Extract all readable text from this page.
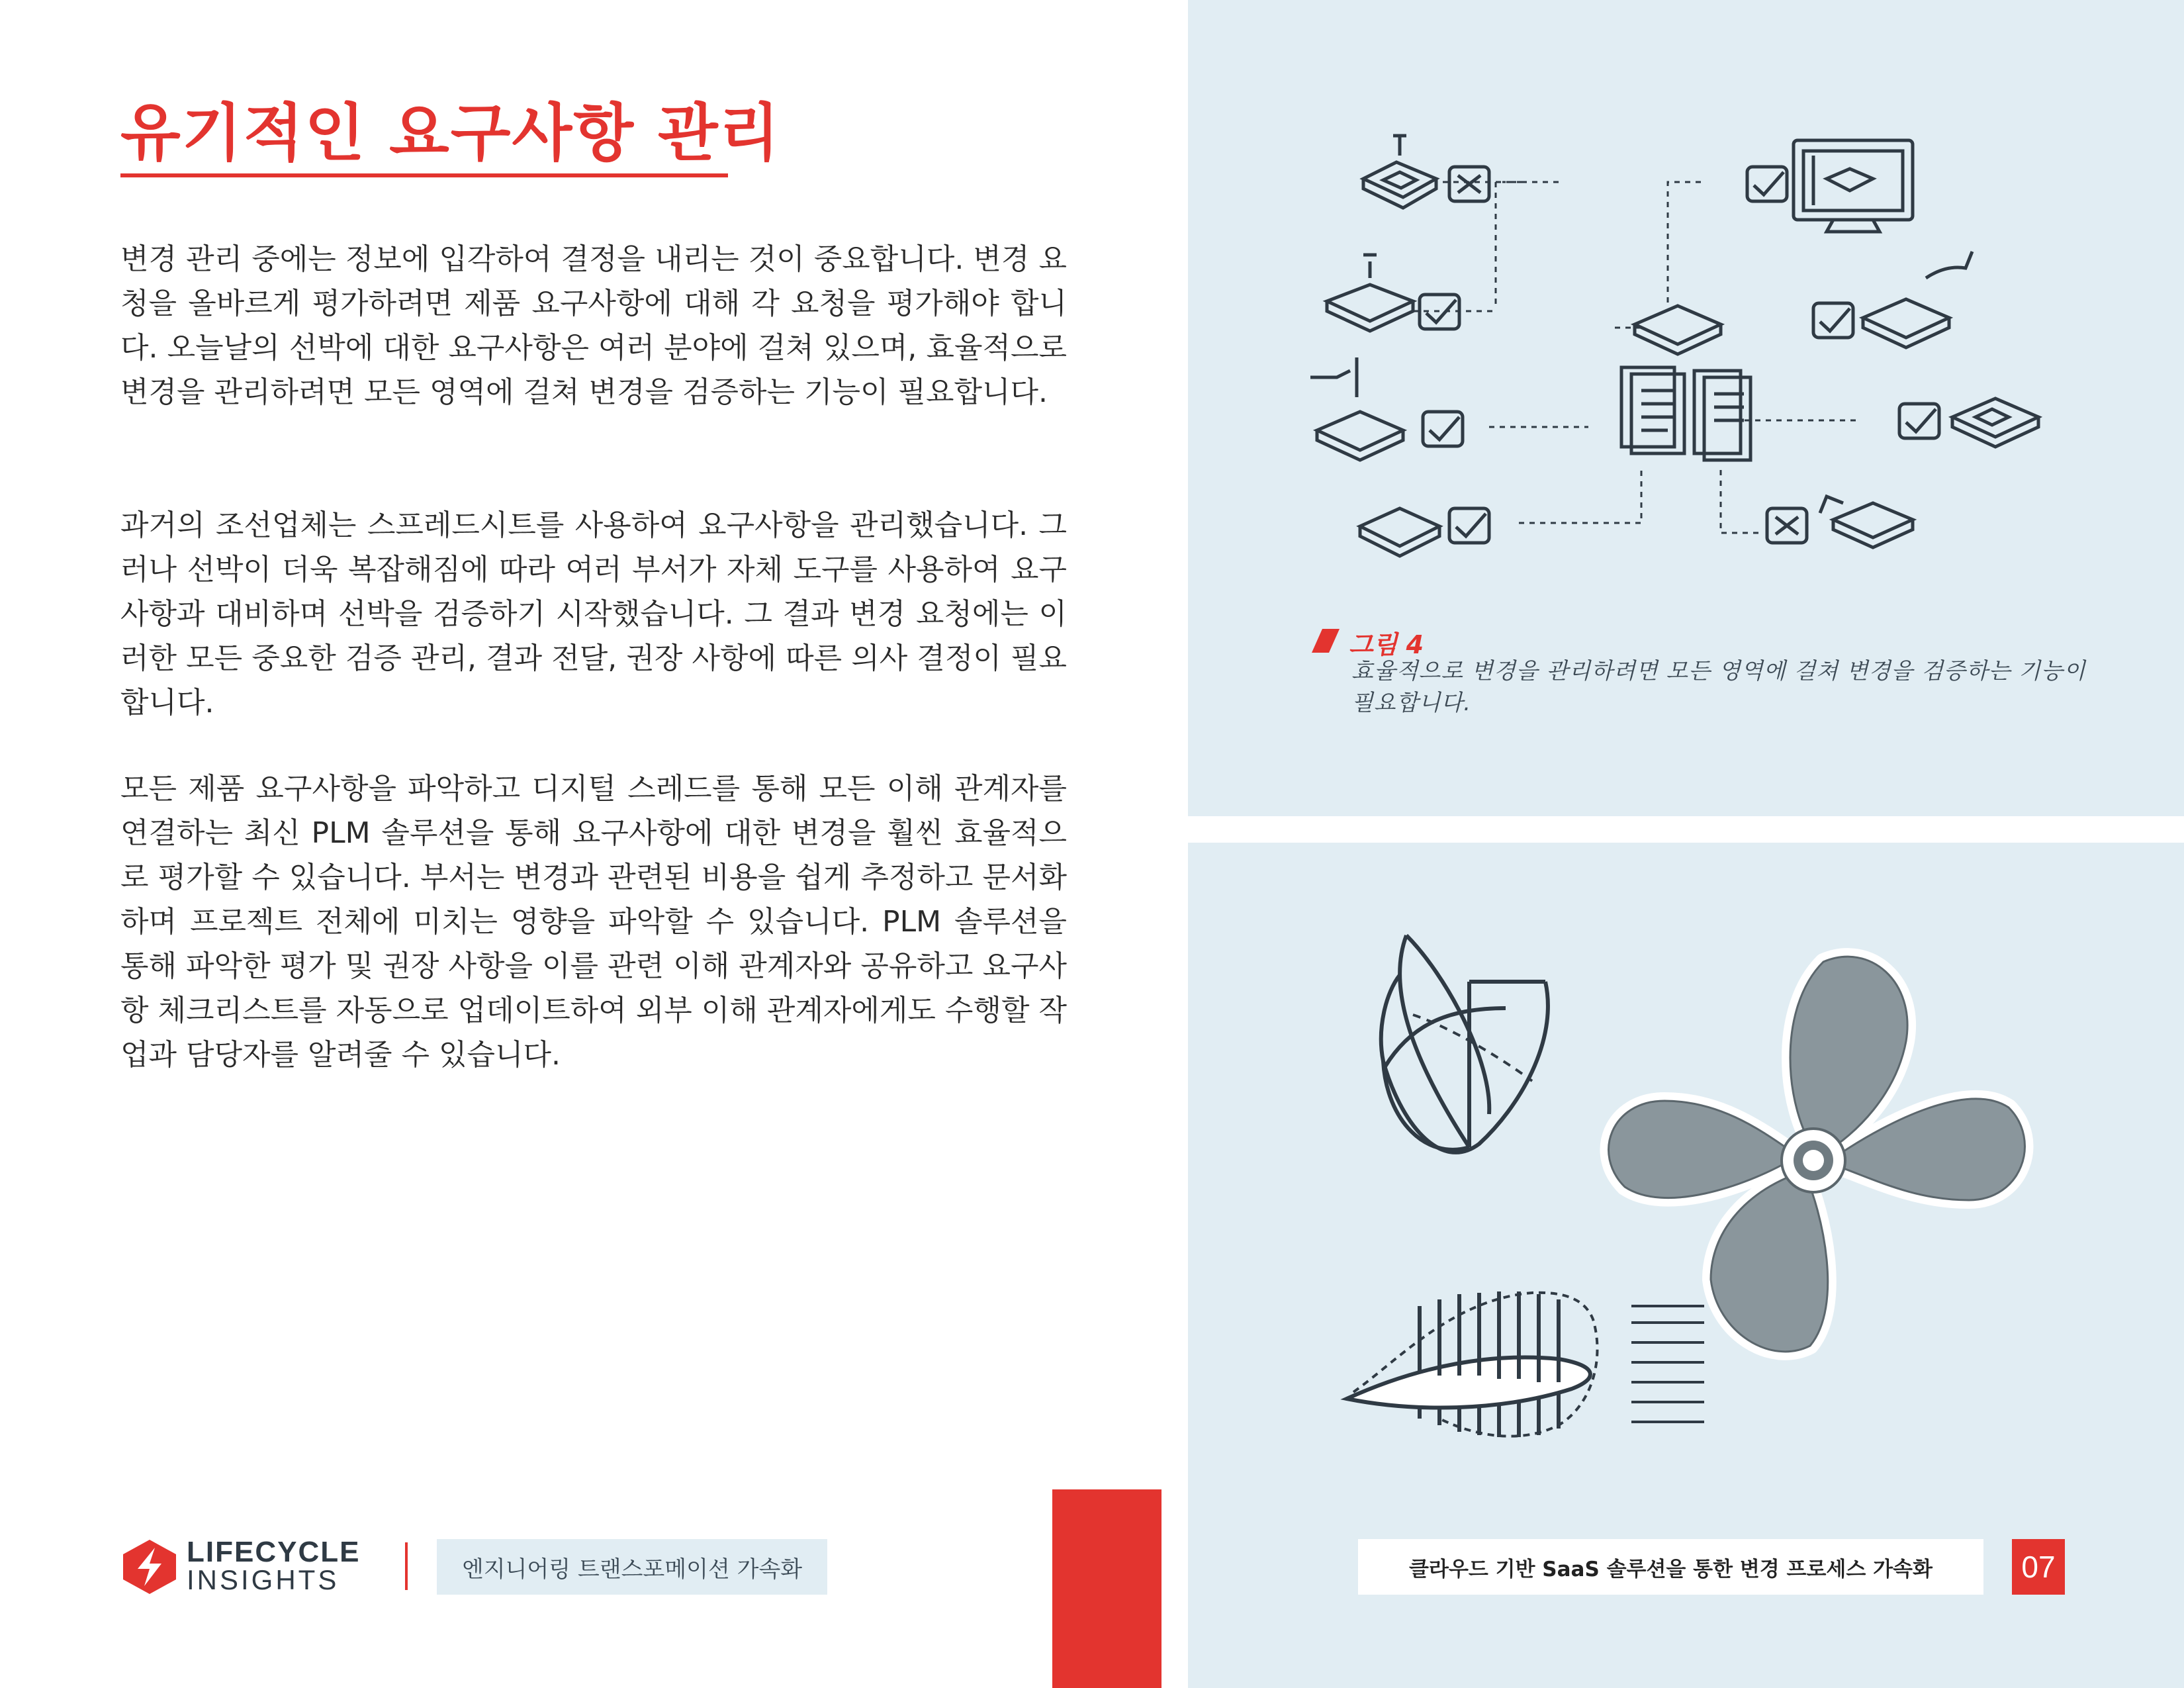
유기적인 요구사항 관리

변경 관리 중에는 정보에 입각하여 결정을 내리는 것이 중요합니다. 변경 요청을 올바르게 평가하려면 제품 요구사항에 대해 각 요청을 평가해야 합니다. 오늘날의 선박에 대한 요구사항은 여러 분야에 걸쳐 있으며, 효율적으로 변경을 관리하려면 모든 영역에 걸쳐 변경을 검증하는 기능이 필요합니다.

과거의 조선업체는 스프레드시트를 사용하여 요구사항을 관리했습니다. 그러나 선박이 더욱 복잡해짐에 따라 여러 부서가 자체 도구를 사용하여 요구사항과 대비하며 선박을 검증하기 시작했습니다. 그 결과 변경 요청에는 이러한 모든 중요한 검증 관리, 결과 전달, 권장 사항에 따른 의사 결정이 필요합니다.

모든 제품 요구사항을 파악하고 디지털 스레드를 통해 모든 이해 관계자를 연결하는 최신 PLM 솔루션을 통해 요구사항에 대한 변경을 훨씬 효율적으로 평가할 수 있습니다. 부서는 변경과 관련된 비용을 쉽게 추정하고 문서화하며 프로젝트 전체에 미치는 영향을 파악할 수 있습니다. PLM 솔루션을 통해 파악한 평가 및 권장 사항을 이를 관련 이해 관계자와 공유하고 요구사항 체크리스트를 자동으로 업데이트하여 외부 이해 관계자에게도 수행할 작업과 담당자를 알려줄 수 있습니다.

그림 4
효율적으로 변경을 관리하려면 모든 영역에 걸쳐 변경을 검증하는 기능이 필요합니다.
LIFECYCLE
INSIGHTS	엔지니어링 트랜스포메이션 가속화	클라우드 기반 SaaS 솔루션을 통한 변경 프로세스 가속화	07
